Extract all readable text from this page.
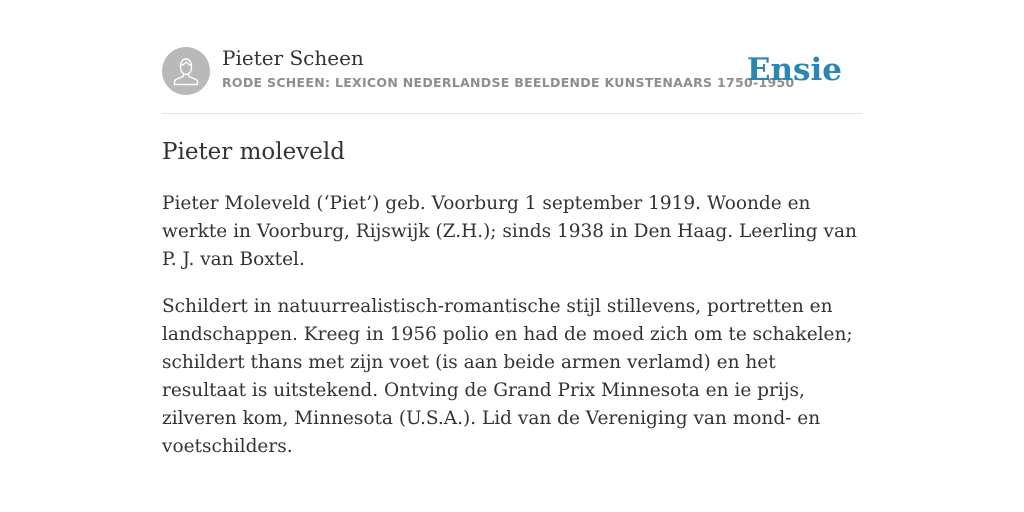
Pieter Scheen
RODE SCHEEN: LEXICON NEDERLANDSE BEELDENDE KUNSTENAARS 1750-1950
Ensie
Pieter moleveld

Pieter Moleveld (‘Piet’) geb. Voorburg 1 september 1919. Woonde en werkte in Voorburg, Rijswijk (Z.H.); sinds 1938 in Den Haag. Leerling van P. J. van Boxtel.

Schildert in natuurrealistisch-romantische stijl stillevens, portretten en landschappen. Kreeg in 1956 polio en had de moed zich om te schakelen; schildert thans met zijn voet (is aan beide armen verlamd) en het resultaat is uitstekend. Ontving de Grand Prix Minnesota en ie prijs, zilveren kom, Minnesota (U.S.A.). Lid van de Vereniging van mond- en voetschilders.
